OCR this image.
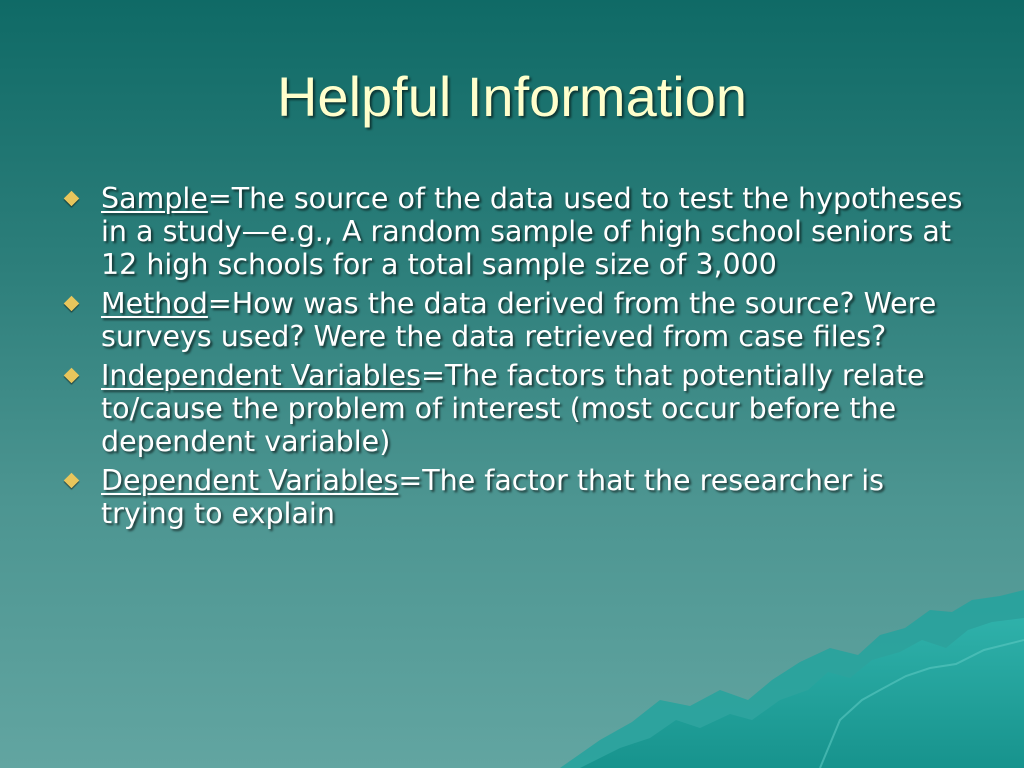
Helpful Information
Sample=The source of the data used to test the hypotheses in a study—e.g., A random sample of high school seniors at 12 high schools for a total sample size of 3,000
Method=How was the data derived from the source? Were surveys used? Were the data retrieved from case files?
Independent Variables=The factors that potentially relate to/cause the problem of interest (most occur before the dependent variable)
Dependent Variables=The factor that the researcher is trying to explain
